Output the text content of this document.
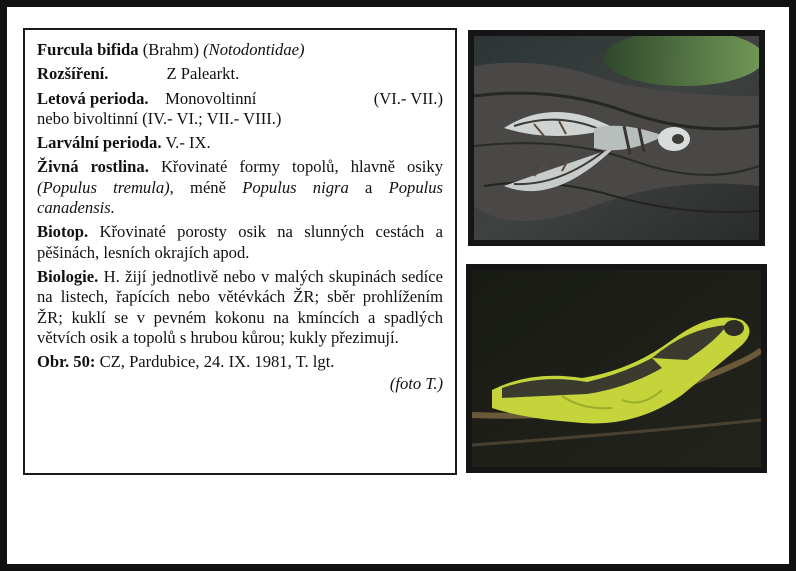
Furcula bifida (Brahm) (Notodontidae)

Rozšíření.	Z Palearkt.

Letová perioda. Monovoltinní	(VI.- VII.)

nebo bivoltinní (IV.- VI.; VII.- VIII.)

Larvální perioda. V.- IX.

Živná rostlina. Křovinaté formy topolů, hlavně osiky (Populus tremula), méně Populus nigra a Populus canadensis.

Biotop. Křovinaté porosty osik na slunných cestách a pěšinách, lesních okrajích apod.

Biologie. H. žijí jednotlivě nebo v malých skupinách sedíce na listech, řapících nebo větévkách ŽR; sběr prohlížením ŽR; kuklí se v pevném kokonu na kmíncích a spadlých větvích osik a topolů s hrubou kůrou; kukly přezimují.

Obr. 50: CZ, Pardubice, 24. IX. 1981, T. lgt.

(foto T.)
